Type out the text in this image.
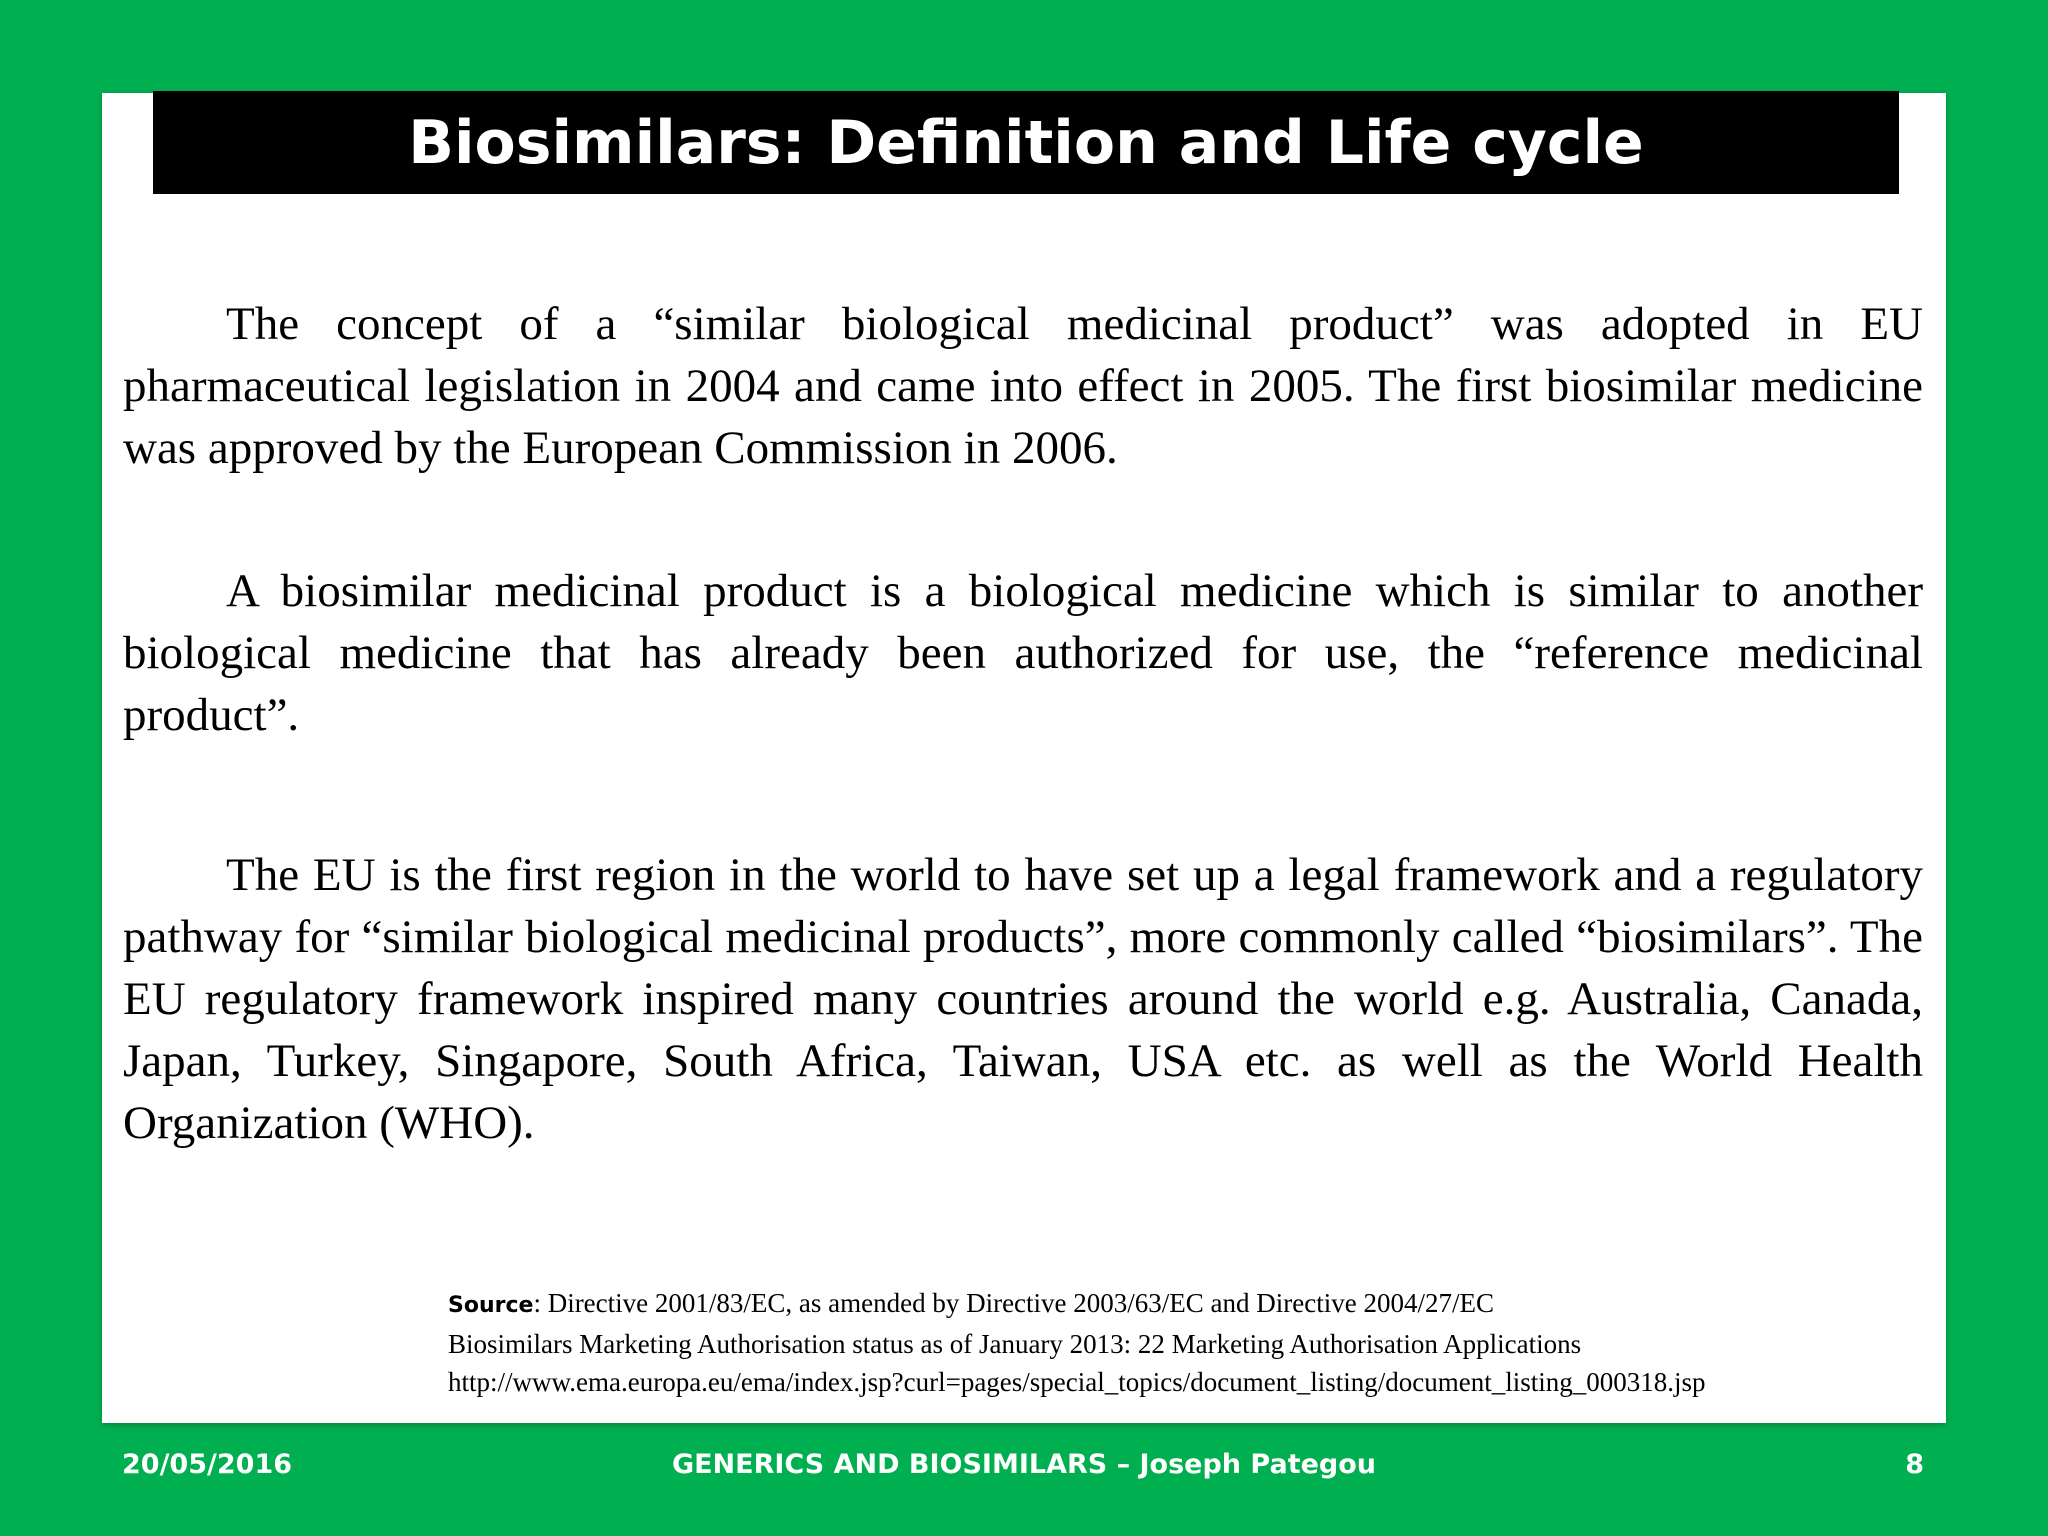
Biosimilars: Definition and Life cycle

The concept of a “similar biological medicinal product” was adopted in EU pharmaceutical legislation in 2004 and came into effect in 2005. The first biosimilar medicine was approved by the European Commission in 2006.

A biosimilar medicinal product is a biological medicine which is similar to another biological medicine that has already been authorized for use, the “reference medicinal product”.

The EU is the first region in the world to have set up a legal framework and a regulatory pathway for “similar biological medicinal products”, more commonly called “biosimilars”. The EU regulatory framework inspired many countries around the world e.g. Australia, Canada, Japan, Turkey, Singapore, South Africa, Taiwan, USA etc. as well as the World Health Organization (WHO).

Source: Directive 2001/83/EC, as amended by Directive 2003/63/EC and Directive 2004/27/EC
Biosimilars Marketing Authorisation status as of January 2013: 22 Marketing Authorisation Applications
http://www.ema.europa.eu/ema/index.jsp?curl=pages/special_topics/document_listing/document_listing_000318.jsp
GENERICS AND BIOSIMILARS – Joseph Pategou
20/05/2016	8
